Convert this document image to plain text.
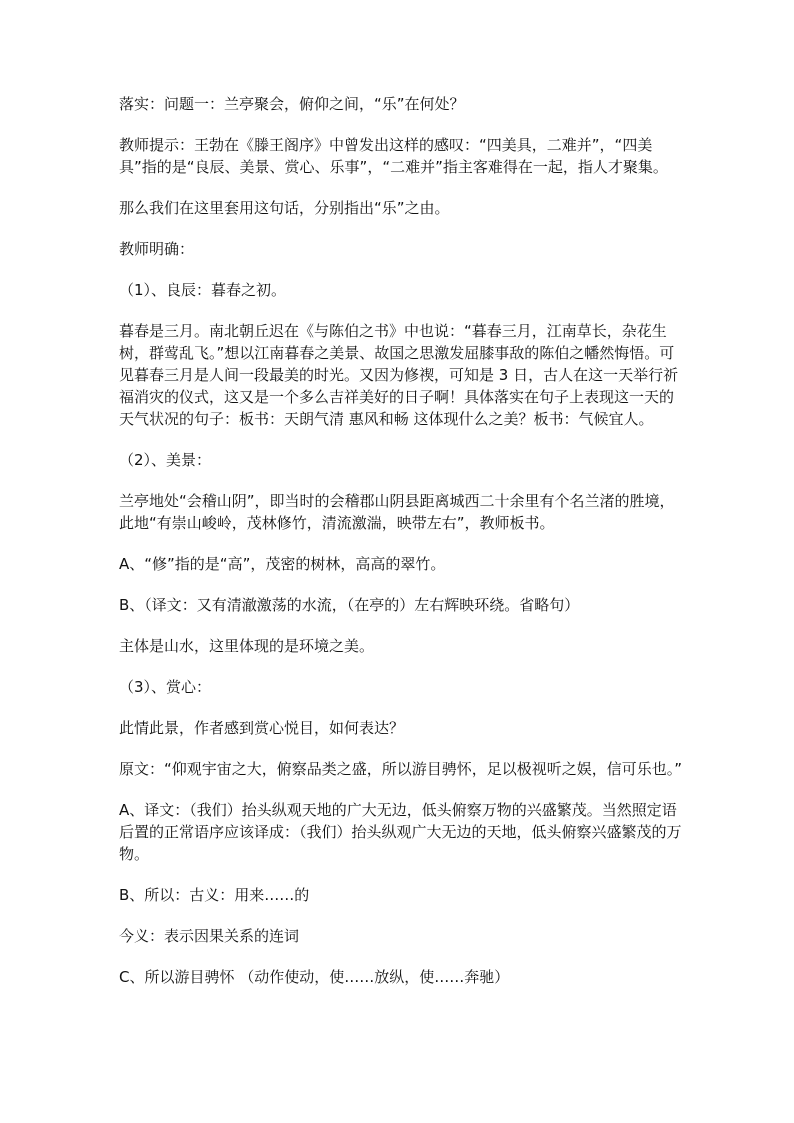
落实：问题一：兰亭聚会，俯仰之间，“乐”在何处？

教师提示：王勃在《滕王阁序》中曾发出这样的感叹：“四美具，二难并”，“四美具”指的是“良辰、美景、赏心、乐事”，“二难并”指主客难得在一起，指人才聚集。

那么我们在这里套用这句话，分别指出“乐”之由。

教师明确：

（1）、良辰：暮春之初。

暮春是三月。南北朝丘迟在《与陈伯之书》中也说：“暮春三月，江南草长，杂花生树，群莺乱飞。”想以江南暮春之美景、故国之思激发屈膝事敌的陈伯之幡然悔悟。可见暮春三月是人间一段最美的时光。又因为修禊，可知是 3 日，古人在这一天举行祈福消灾的仪式，这又是一个多么吉祥美好的日子啊！具体落实在句子上表现这一天的天气状况的句子：板书：天朗气清 惠风和畅 这体现什么之美？板书：气候宜人。

（2）、美景：

兰亭地处“会稽山阴”，即当时的会稽郡山阴县距离城西二十余里有个名兰渚的胜境，此地“有崇山峻岭，茂林修竹，清流激湍，映带左右”，教师板书。

A、“修”指的是“高”，茂密的树林，高高的翠竹。

B、（译文：又有清澈激荡的水流，（在亭的）左右辉映环绕。省略句）

主体是山水，这里体现的是环境之美。

（3）、赏心：

此情此景，作者感到赏心悦目，如何表达？

原文：“仰观宇宙之大，俯察品类之盛，所以游目骋怀，足以极视听之娱，信可乐也。”

A、译文：（我们）抬头纵观天地的广大无边，低头俯察万物的兴盛繁茂。当然照定语后置的正常语序应该译成：（我们）抬头纵观广大无边的天地，低头俯察兴盛繁茂的万物。

B、所以：古义：用来……的

今义：表示因果关系的连词

C、所以游目骋怀 （动作使动，使……放纵，使……奔驰）
